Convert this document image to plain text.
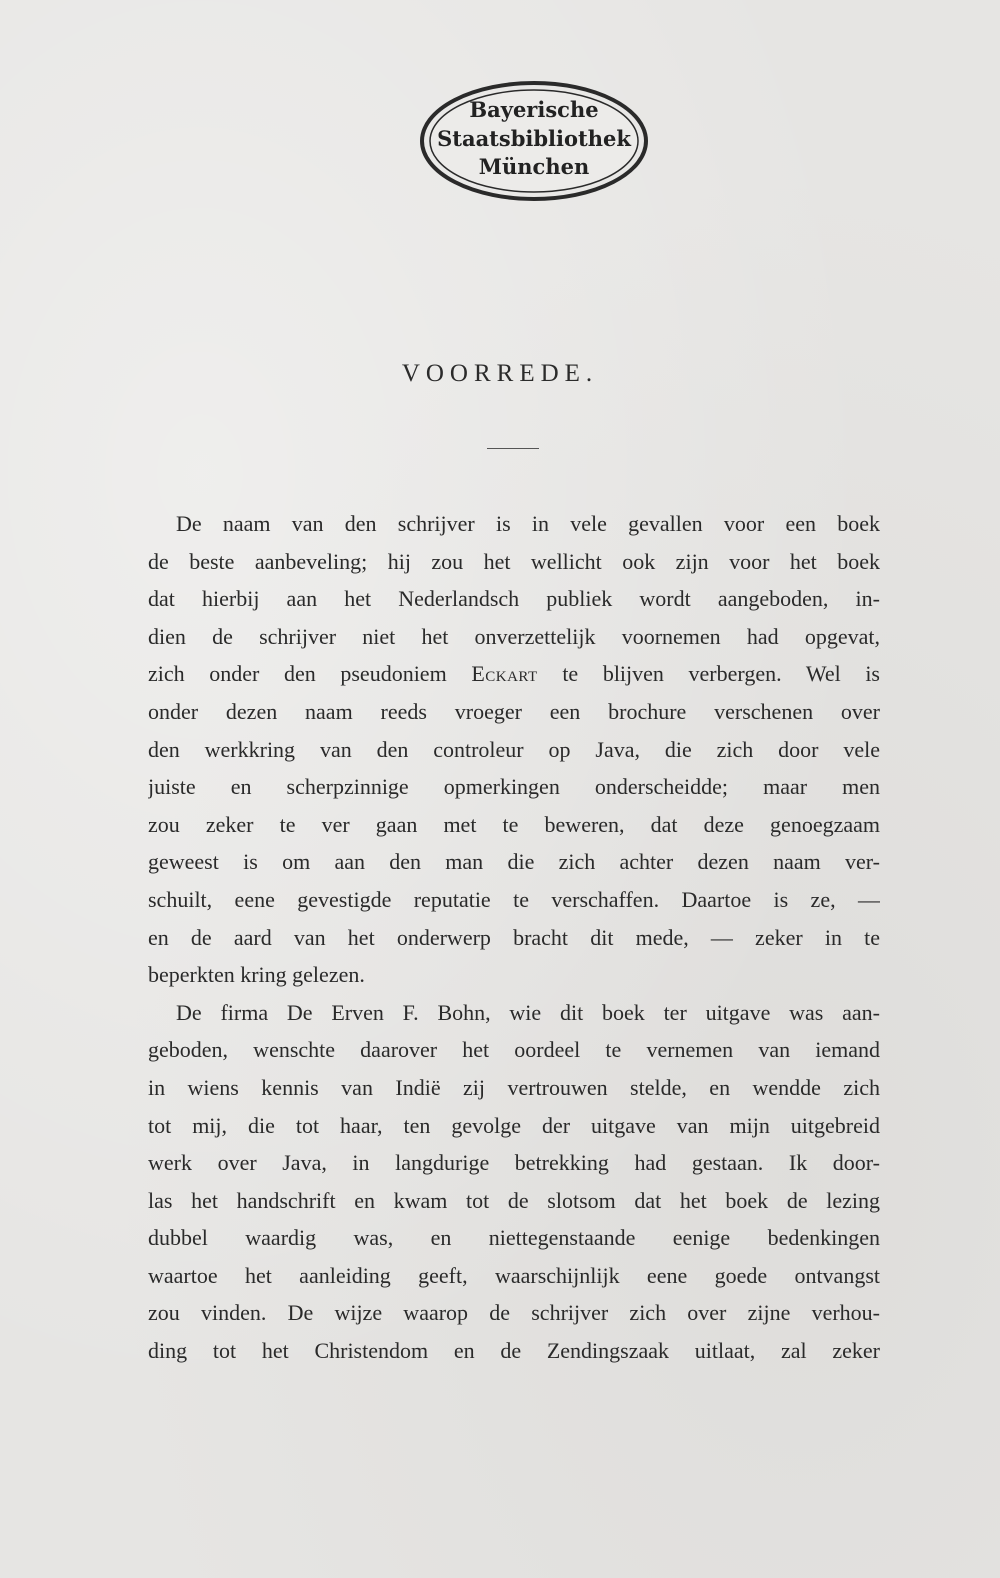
Bayerische
Staatsbibliothek
München
VOORREDE.
De naam van den schrijver is in vele gevallen voor een boek
de beste aanbeveling; hij zou het wellicht ook zijn voor het boek
dat hierbij aan het Nederlandsch publiek wordt aangeboden, in-
dien de schrijver niet het onverzettelijk voornemen had opgevat,
zich onder den pseudoniem Eckart te blijven verbergen. Wel is
onder dezen naam reeds vroeger een brochure verschenen over
den werkkring van den controleur op Java, die zich door vele
juiste en scherpzinnige opmerkingen onderscheidde; maar men
zou zeker te ver gaan met te beweren, dat deze genoegzaam
geweest is om aan den man die zich achter dezen naam ver-
schuilt, eene gevestigde reputatie te verschaffen. Daartoe is ze, —
en de aard van het onderwerp bracht dit mede, — zeker in te
beperkten kring gelezen.
De firma De Erven F. Bohn, wie dit boek ter uitgave was aan-
geboden, wenschte daarover het oordeel te vernemen van iemand
in wiens kennis van Indië zij vertrouwen stelde, en wendde zich
tot mij, die tot haar, ten gevolge der uitgave van mijn uitgebreid
werk over Java, in langdurige betrekking had gestaan. Ik door-
las het handschrift en kwam tot de slotsom dat het boek de lezing
dubbel waardig was, en niettegenstaande eenige bedenkingen
waartoe het aanleiding geeft, waarschijnlijk eene goede ontvangst
zou vinden. De wijze waarop de schrijver zich over zijne verhou-
ding tot het Christendom en de Zendingszaak uitlaat, zal zeker
